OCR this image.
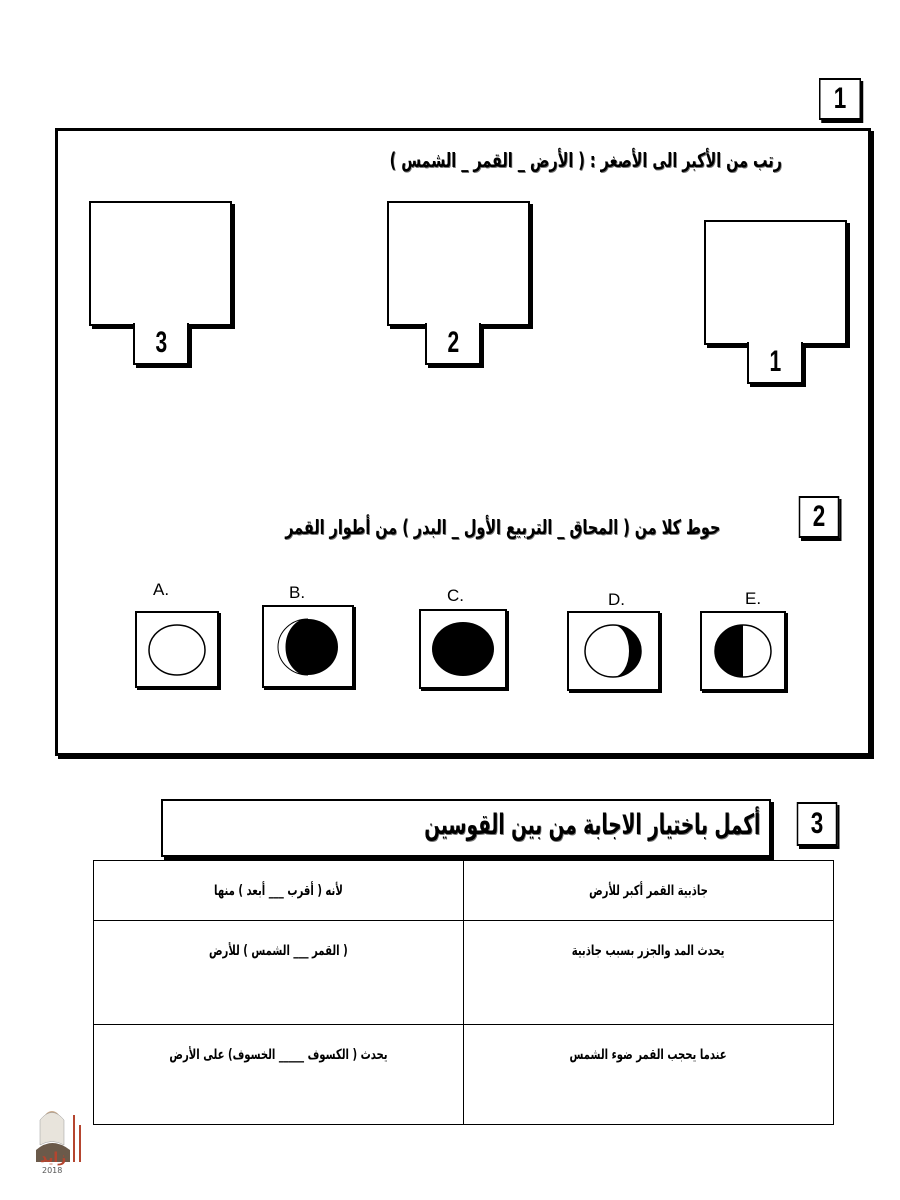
1
رتب من الأكبر الى الأصغر : ( الأرض _ القمر _ الشمس )
3	2
1
2
حوط كلا من ( المحاق _ التربيع الأول _ البدر ) من أطوار القمر
A.	B.	C.	D.	E.
3
أكمل باختيار الاجابة من بين القوسين
جاذبية القمر أكبر للأرض	لأنه ( أقرب ___ أبعد ) منها
يحدث المد والجزر بسبب جاذبية	( القمر ___ الشمس ) للأرض
عندما يحجب القمر ضوء الشمس	يحدث ( الكسوف _____ الخسوف) على الأرض
زايد
2018
